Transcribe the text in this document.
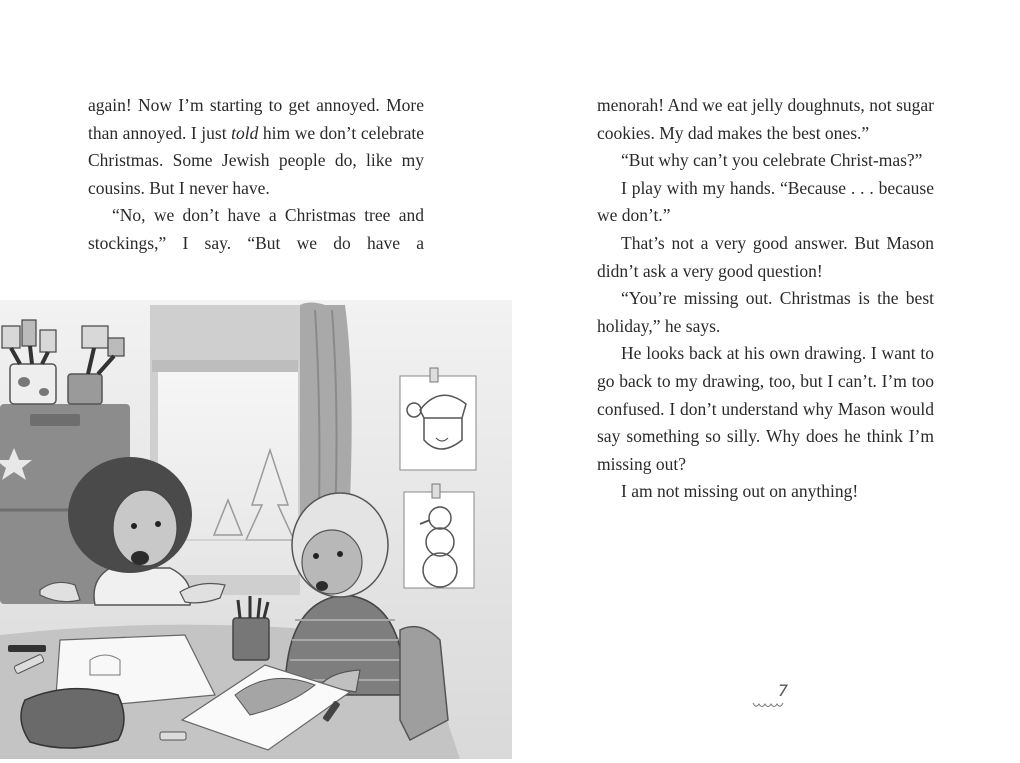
again! Now I’m starting to get annoyed. More than annoyed. I just told him we don’t celebrate Christmas. Some Jewish people do, like my cousins. But I never have.

“No, we don’t have a Christmas tree and stockings,” I say. “But we do have a

menorah! And we eat jelly doughnuts, not sugar cookies. My dad makes the best ones.”

“But why can’t you celebrate Christ-mas?”

I play with my hands. “Because . . . because we don’t.”

That’s not a very good answer. But Mason didn’t ask a very good question!

“You’re missing out. Christmas is the best holiday,” he says.

He looks back at his own drawing. I want to go back to my drawing, too, but I can’t. I’m too confused. I don’t understand why Mason would say something so silly. Why does he think I’m missing out?

I am not missing out on anything!

7
